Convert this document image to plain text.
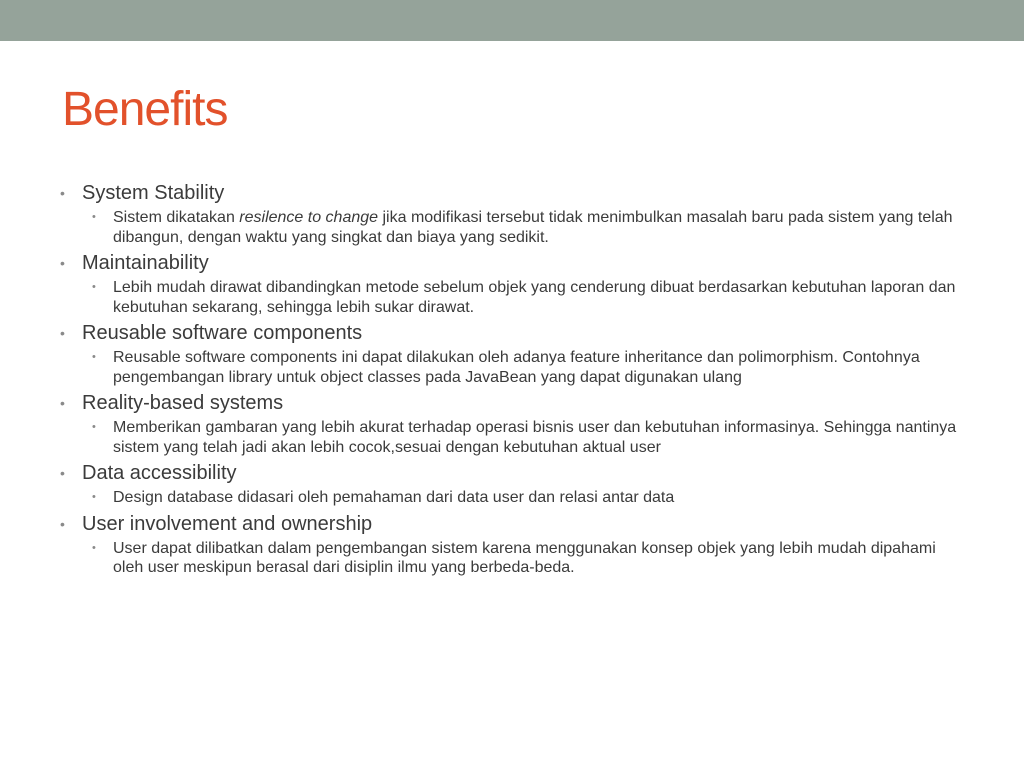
Benefits
• System Stability
• Sistem dikatakan resilence to change jika modifikasi tersebut tidak menimbulkan masalah baru pada sistem yang telah dibangun, dengan waktu yang singkat dan biaya yang sedikit.
• Maintainability
• Lebih mudah dirawat dibandingkan metode sebelum objek yang cenderung dibuat berdasarkan kebutuhan laporan dan kebutuhan sekarang, sehingga lebih sukar dirawat.
• Reusable software components
• Reusable software components ini dapat dilakukan oleh adanya feature inheritance dan polimorphism. Contohnya pengembangan library untuk object classes pada JavaBean yang dapat digunakan ulang
• Reality-based systems
• Memberikan gambaran yang lebih akurat terhadap operasi bisnis user dan kebutuhan informasinya. Sehingga nantinya sistem yang telah jadi akan lebih cocok,sesuai dengan kebutuhan aktual user
• Data accessibility
• Design database didasari oleh pemahaman dari data user dan relasi antar data
• User involvement and ownership
• User dapat dilibatkan dalam pengembangan sistem karena menggunakan konsep objek yang lebih mudah dipahami oleh user meskipun berasal dari disiplin ilmu yang berbeda-beda.
